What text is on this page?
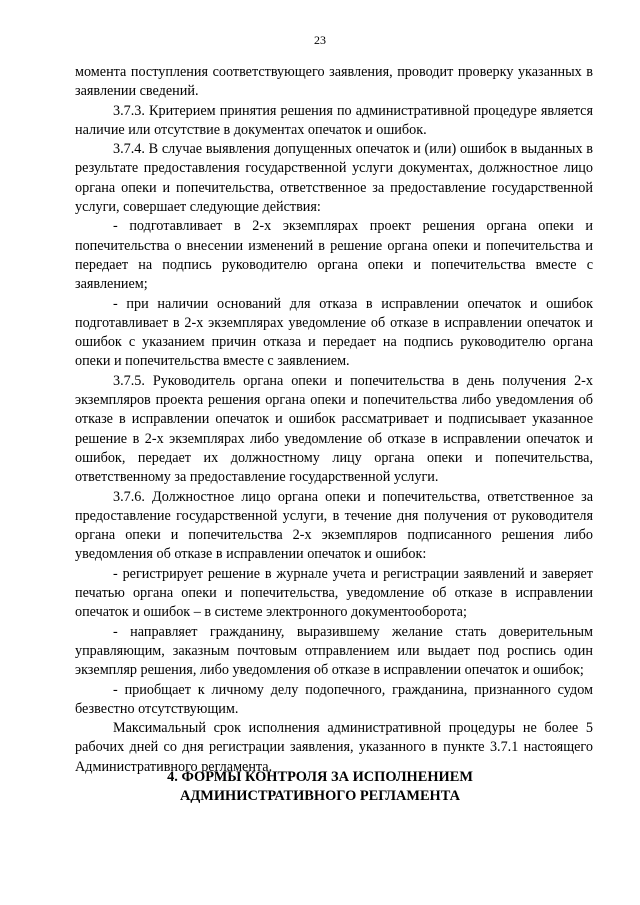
23

момента поступления соответствующего заявления, проводит проверку указанных в заявлении сведений.

3.7.3. Критерием принятия решения по административной процедуре является наличие или отсутствие в документах опечаток и ошибок.

3.7.4. В случае выявления допущенных опечаток и (или) ошибок в выданных в результате предоставления государственной услуги документах, должностное лицо органа опеки и попечительства, ответственное за предоставление государственной услуги, совершает следующие действия:

- подготавливает в 2-х экземплярах проект решения органа опеки и попечительства о внесении изменений в решение органа опеки и попечительства и передает на подпись руководителю органа опеки и попечительства вместе с заявлением;

- при наличии оснований для отказа в исправлении опечаток и ошибок подготавливает в 2-х экземплярах уведомление об отказе в исправлении опечаток и ошибок с указанием причин отказа и передает на подпись руководителю органа опеки и попечительства вместе с заявлением.

3.7.5. Руководитель органа опеки и попечительства в день получения 2-х экземпляров проекта решения органа опеки и попечительства либо уведомления об отказе в исправлении опечаток и ошибок рассматривает и подписывает указанное решение в 2-х экземплярах либо уведомление об отказе в исправлении опечаток и ошибок, передает их должностному лицу органа опеки и попечительства, ответственному за предоставление государственной услуги.

3.7.6. Должностное лицо органа опеки и попечительства, ответственное за предоставление государственной услуги, в течение дня получения от руководителя органа опеки и попечительства 2-х экземпляров подписанного решения либо уведомления об отказе в исправлении опечаток и ошибок:

- регистрирует решение в журнале учета и регистрации заявлений и заверяет печатью органа опеки и попечительства, уведомление об отказе в исправлении опечаток и ошибок – в системе электронного документооборота;

- направляет гражданину, выразившему желание стать доверительным управляющим, заказным почтовым отправлением или выдает под роспись один экземпляр решения, либо уведомления об отказе в исправлении опечаток и ошибок;

- приобщает к личному делу подопечного, гражданина, признанного судом безвестно отсутствующим.

Максимальный срок исполнения административной процедуры не более 5 рабочих дней со дня регистрации заявления, указанного в пункте 3.7.1 настоящего Административного регламента.

4. ФОРМЫ КОНТРОЛЯ ЗА ИСПОЛНЕНИЕМ
АДМИНИСТРАТИВНОГО РЕГЛАМЕНТА
